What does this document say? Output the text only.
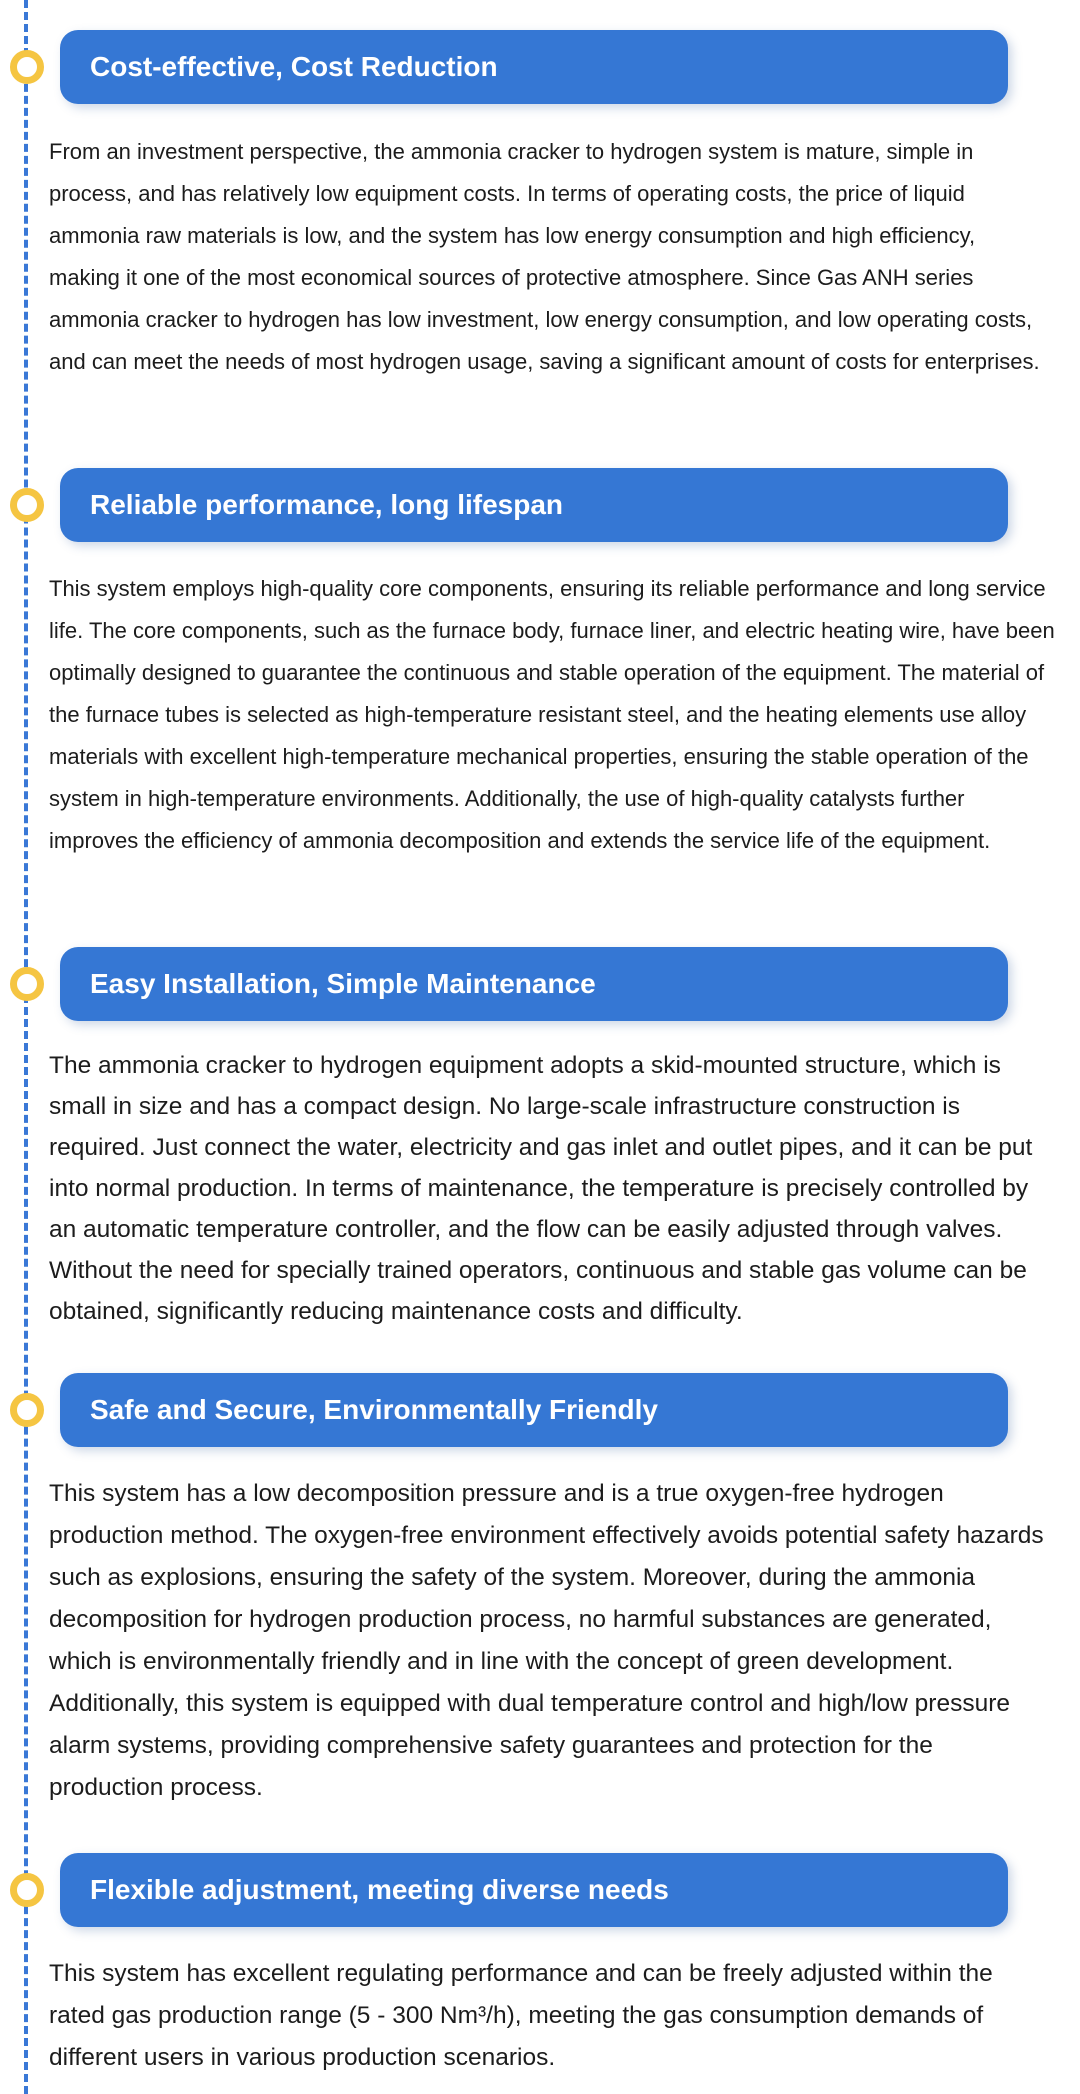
Cost-effective, Cost Reduction

From an investment perspective, the ammonia cracker to hydrogen system is mature, simple in process, and has relatively low equipment costs. In terms of operating costs, the price of liquid ammonia raw materials is low, and the system has low energy consumption and high efficiency, making it one of the most economical sources of protective atmosphere. Since Gas ANH series ammonia cracker to hydrogen has low investment, low energy consumption, and low operating costs, and can meet the needs of most hydrogen usage, saving a significant amount of costs for enterprises.

Reliable performance, long lifespan

This system employs high-quality core components, ensuring its reliable performance and long service life. The core components, such as the furnace body, furnace liner, and electric heating wire, have been optimally designed to guarantee the continuous and stable operation of the equipment. The material of the furnace tubes is selected as high-temperature resistant steel, and the heating elements use alloy materials with excellent high-temperature mechanical properties, ensuring the stable operation of the system in high-temperature environments. Additionally, the use of high-quality catalysts further improves the efficiency of ammonia decomposition and extends the service life of the equipment.

Easy Installation, Simple Maintenance

The ammonia cracker to hydrogen equipment adopts a skid-mounted structure, which is small in size and has a compact design. No large-scale infrastructure construction is required. Just connect the water, electricity and gas inlet and outlet pipes, and it can be put into normal production. In terms of maintenance, the temperature is precisely controlled by an automatic temperature controller, and the flow can be easily adjusted through valves. Without the need for specially trained operators, continuous and stable gas volume can be obtained, significantly reducing maintenance costs and difficulty.

Safe and Secure, Environmentally Friendly

This system has a low decomposition pressure and is a true oxygen-free hydrogen production method. The oxygen-free environment effectively avoids potential safety hazards such as explosions, ensuring the safety of the system. Moreover, during the ammonia decomposition for hydrogen production process, no harmful substances are generated, which is environmentally friendly and in line with the concept of green development. Additionally, this system is equipped with dual temperature control and high/low pressure alarm systems, providing comprehensive safety guarantees and protection for the production process.

Flexible adjustment, meeting diverse needs

This system has excellent regulating performance and can be freely adjusted within the rated gas production range (5 - 300 Nm³/h), meeting the gas consumption demands of different users in various production scenarios.
